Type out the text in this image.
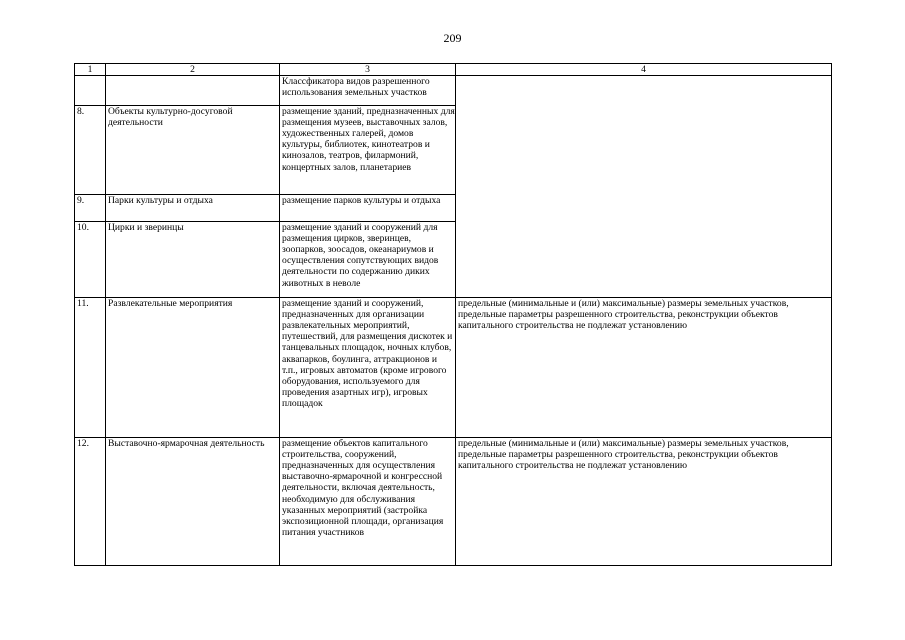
209
1	2	3	4
		Классфикатора видов разрешенного использования земельных участков	
8.	Объекты культурно-досуговой деятельности	размещение зданий, предназначенных для размещения музеев, выставочных залов, художественных галерей, домов культуры, библиотек, кинотеатров и кинозалов, театров, филармоний, концертных залов, планетариев	
9.	Парки культуры и отдыха	размещение парков культуры и отдыха	
10.	Цирки и зверинцы	размещение зданий и сооружений для размещения цирков, зверинцев, зоопарков, зоосадов, океанариумов и осуществления сопутствующих видов деятельности по содержанию диких животных в неволе	
11.	Развлекательные мероприятия	размещение зданий и сооружений, предназначенных для организации развлекательных мероприятий, путешествий, для размещения дискотек и танцевальных площадок, ночных клубов, аквапарков, боулинга, аттракционов и т.п., игровых автоматов (кроме игрового оборудования, используемого для проведения азартных игр), игровых площадок	предельные (минимальные и (или) максимальные) размеры земельных участков, предельные параметры разрешенного строительства, реконструкции объектов капитального строительства не подлежат установлению
12.	Выставочно-ярмарочная деятельность	размещение объектов капитального строительства, сооружений, предназначенных для осуществления выставочно-ярмарочной и конгрессной деятельности, включая деятельность, необходимую для обслуживания указанных мероприятий (застройка экспозиционной площади, организация питания участников	предельные (минимальные и (или) максимальные) размеры земельных участков, предельные параметры разрешенного строительства, реконструкции объектов капитального строительства не подлежат установлению
